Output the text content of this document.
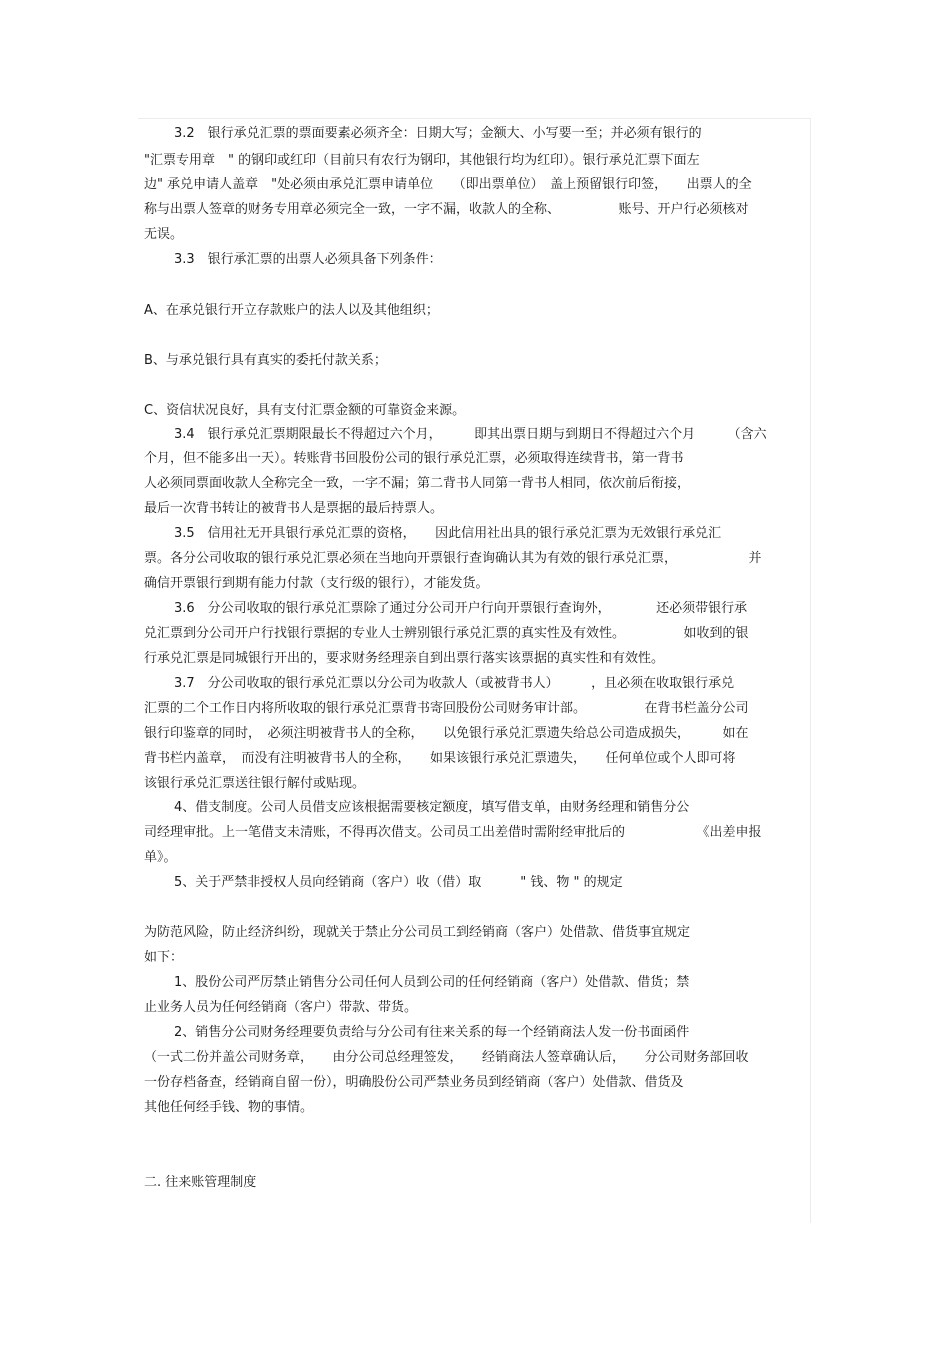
3.2　银行承兑汇票的票面要素必须齐全：日期大写；金额大、小写要一至；并必须有银行的

"汇票专用章　" 的钢印或红印（目前只有农行为钢印，其他银行均为红印）。银行承兑汇票下面左

边" 承兑申请人盖章　"处必须由承兑汇票申请单位　　（即出票单位）　盖上预留银行印签，　　出票人的全

称与出票人签章的财务专用章必须完全一致，一字不漏，收款人的全称、　　　　　账号、开户行必须核对

无误。

3.3　银行承汇票的出票人必须具备下列条件：

A、在承兑银行开立存款账户的法人以及其他组织；

B、与承兑银行具有真实的委托付款关系；

C、资信状况良好，具有支付汇票金额的可靠资金来源。

3.4　银行承兑汇票期限最长不得超过六个月，　　　即其出票日期与到期日不得超过六个月　　　（含六

个月，但不能多出一天）。转账背书回股份公司的银行承兑汇票，必须取得连续背书，第一背书

人必须同票面收款人全称完全一致，一字不漏；第二背书人同第一背书人相同，依次前后衔接，

最后一次背书转让的被背书人是票据的最后持票人。

3.5　信用社无开具银行承兑汇票的资格，　　因此信用社出具的银行承兑汇票为无效银行承兑汇

票。各分公司收取的银行承兑汇票必须在当地向开票银行查询确认其为有效的银行承兑汇票，　　　　　　并

确信开票银行到期有能力付款（支行级的银行），才能发货。

3.6　分公司收取的银行承兑汇票除了通过分公司开户行向开票银行查询外，　　　　还必须带银行承

兑汇票到分公司开户行找银行票据的专业人士辨别银行承兑汇票的真实性及有效性。　　　　　如收到的银

行承兑汇票是同城银行开出的，要求财务经理亲自到出票行落实该票据的真实性和有效性。

3.7　分公司收取的银行承兑汇票以分公司为收款人（或被背书人）　　　，且必须在收取银行承兑

汇票的二个工作日内将所收取的银行承兑汇票背书寄回股份公司财务审计部。　　　　　在背书栏盖分公司

银行印鉴章的同时，　必须注明被背书人的全称，　　以免银行承兑汇票遗失给总公司造成损失，　　　如在

背书栏内盖章，　而没有注明被背书人的全称，　　如果该银行承兑汇票遗失，　　任何单位或个人即可将

该银行承兑汇票送往银行解付或贴现。

4、借支制度。公司人员借支应该根据需要核定额度，填写借支单，由财务经理和销售分公

司经理审批。上一笔借支未清账，不得再次借支。公司员工出差借时需附经审批后的　　　　　　《出差申报

单》。

5、关于严禁非授权人员向经销商（客户）收（借）取　　　" 钱、物 " 的规定

为防范风险，防止经济纠纷，现就关于禁止分公司员工到经销商（客户）处借款、借货事宜规定

如下：

1、股份公司严厉禁止销售分公司任何人员到公司的任何经销商（客户）处借款、借货；禁

止业务人员为任何经销商（客户）带款、带货。

2、销售分公司财务经理要负责给与分公司有往来关系的每一个经销商法人发一份书面函件

（一式二份并盖公司财务章，　　由分公司总经理签发，　　经销商法人签章确认后，　　分公司财务部回收

一份存档备查，经销商自留一份），明确股份公司严禁业务员到经销商（客户）处借款、借货及

其他任何经手钱、物的事情。

二. 往来账管理制度
